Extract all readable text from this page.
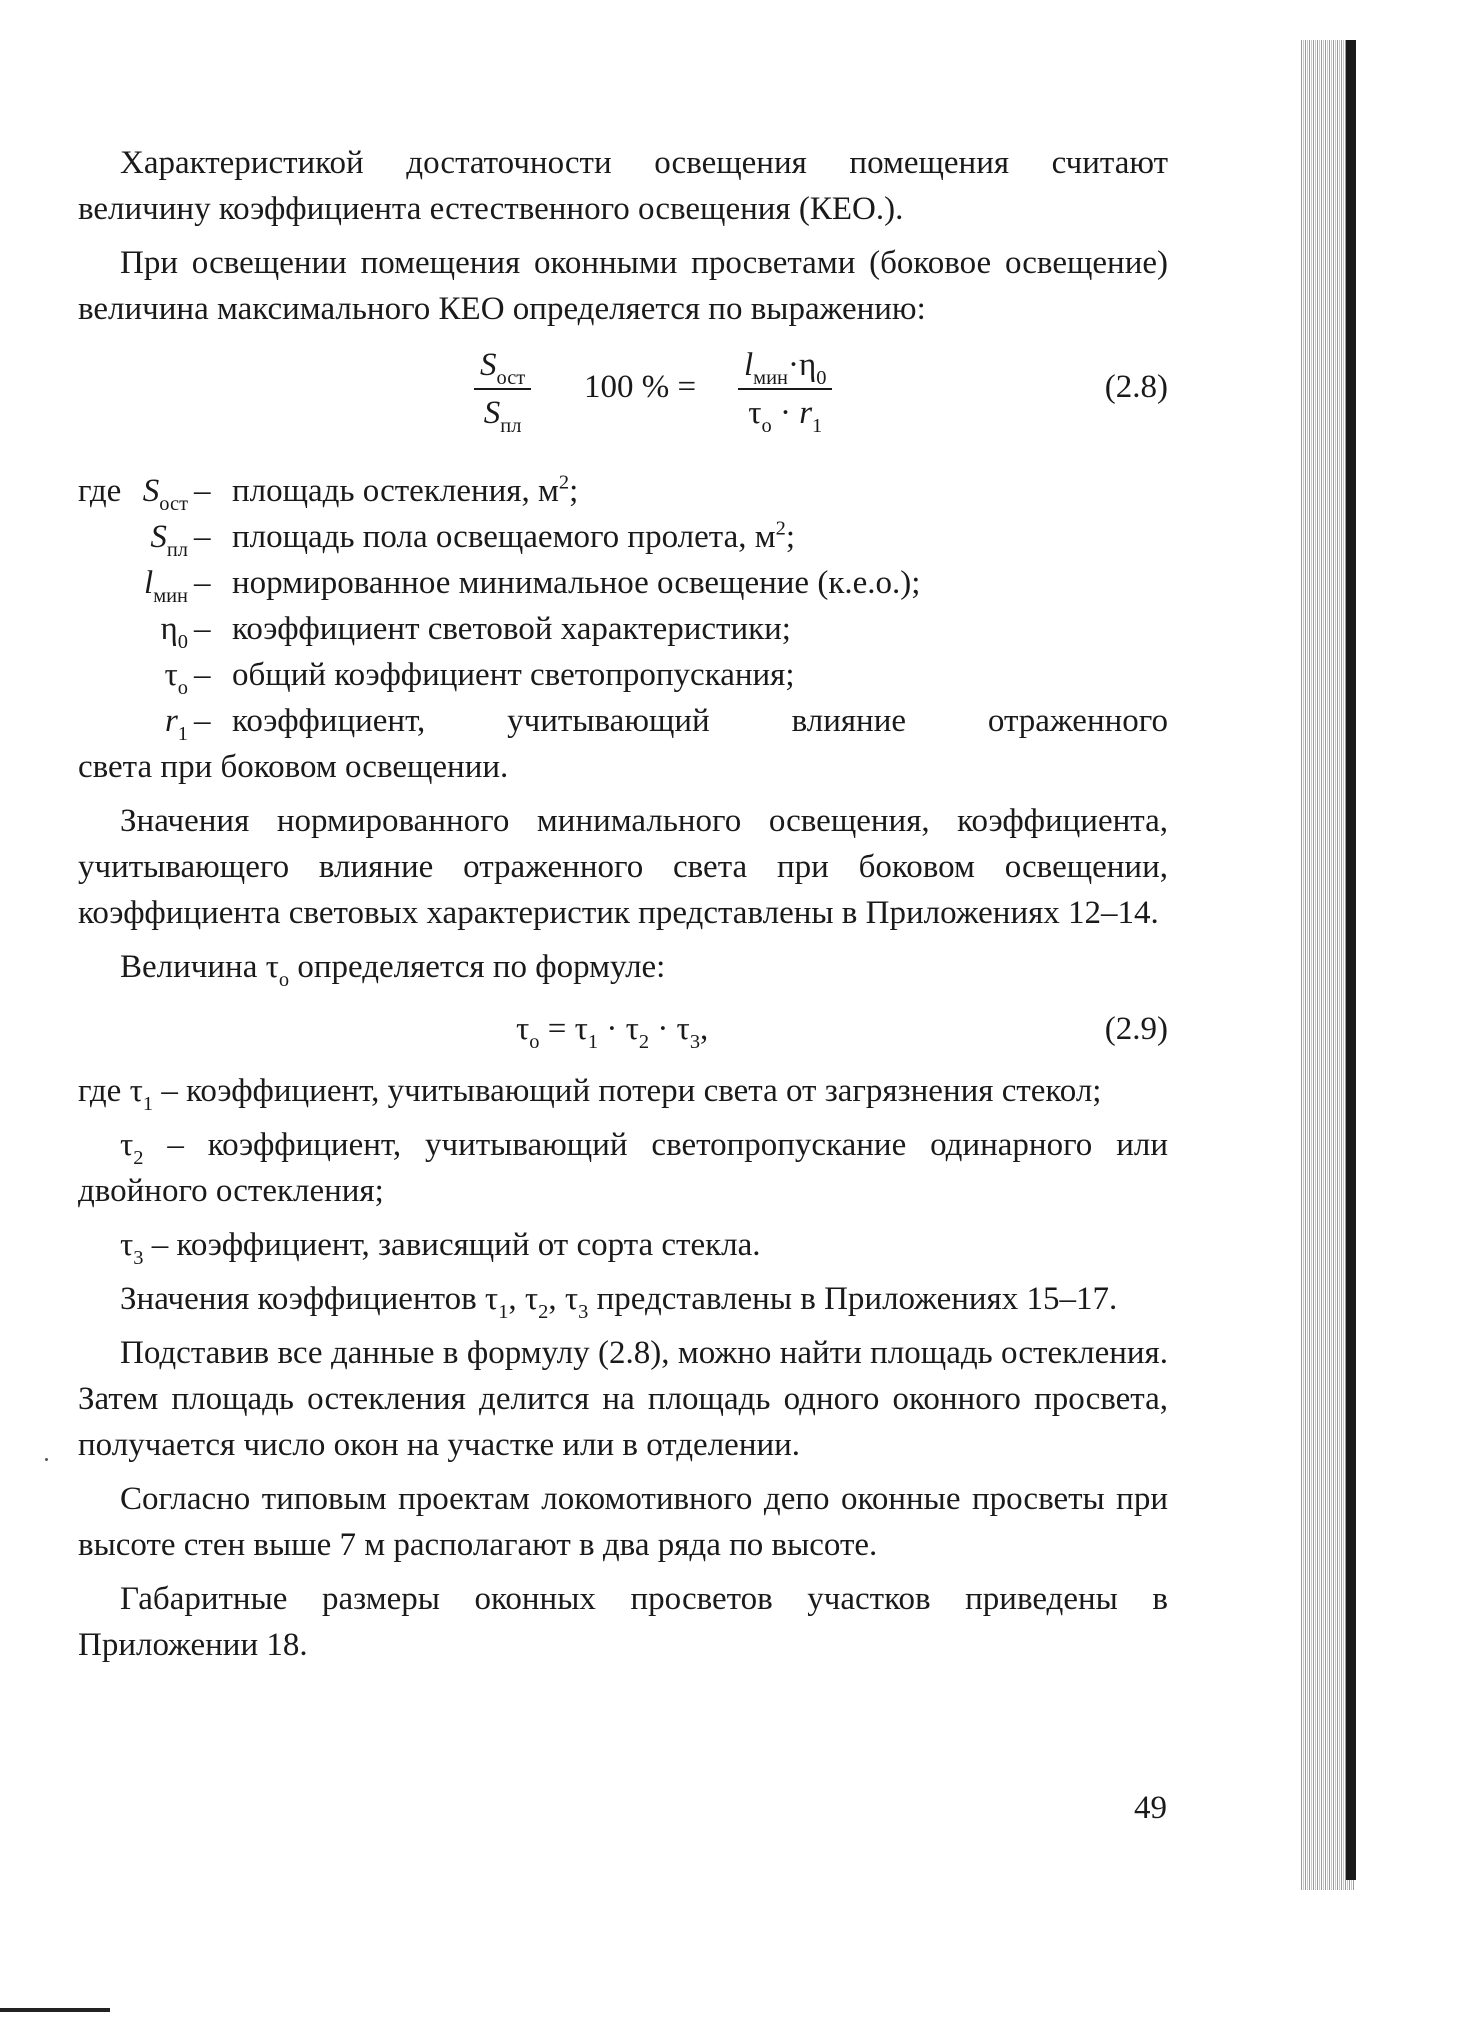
Характеристикой достаточности освещения помещения считают величину коэффициента естественного освещения (КЕО.).

При освещении помещения оконными просветами (боковое освещение) величина максимального КЕО определяется по выражению:

$S_{ост}$
$S_{пл}$
100 % =
$l_{мин}\cdot\eta_0$
$\tau_о \cdot r_1$
(2.8)
где $S_{ост}$ – площадь остекления, $м^2$;
$S_{пл}$ – площадь пола освещаемого пролета, $м^2$;
$l_{мин}$ – нормированное минимальное освещение (к.е.о.);
$\eta_0$ – коэффициент световой характеристики;
$\tau_о$ – общий коэффициент светопропускания;
$r_1$ – коэффициент, учитывающий влияние отраженного

света при боковом освещении.

Значения нормированного минимального освещения, коэффициента, учитывающего влияние отраженного света при боковом освещении, коэффициента световых характеристик представлены в Приложениях 12–14.

Величина $\tau_о$ определяется по формуле:

$\tau_о = \tau_1 \cdot \tau_2 \cdot \tau_3$,	(2.9)

где $\tau_1$ – коэффициент, учитывающий потери света от загрязнения стекол;

$\tau_2$ – коэффициент, учитывающий светопропускание одинарного или двойного остекления;

$\tau_3$ – коэффициент, зависящий от сорта стекла.

Значения коэффициентов $\tau_1$, $\tau_2$, $\tau_3$ представлены в Приложениях 15–17.

Подставив все данные в формулу (2.8), можно найти площадь остекления. Затем площадь остекления делится на площадь одного оконного просвета, получается число окон на участке или в отделении.

Согласно типовым проектам локомотивного депо оконные просветы при высоте стен выше 7 м располагают в два ряда по высоте.

Габаритные размеры оконных просветов участков приведены в Приложении 18.

49
